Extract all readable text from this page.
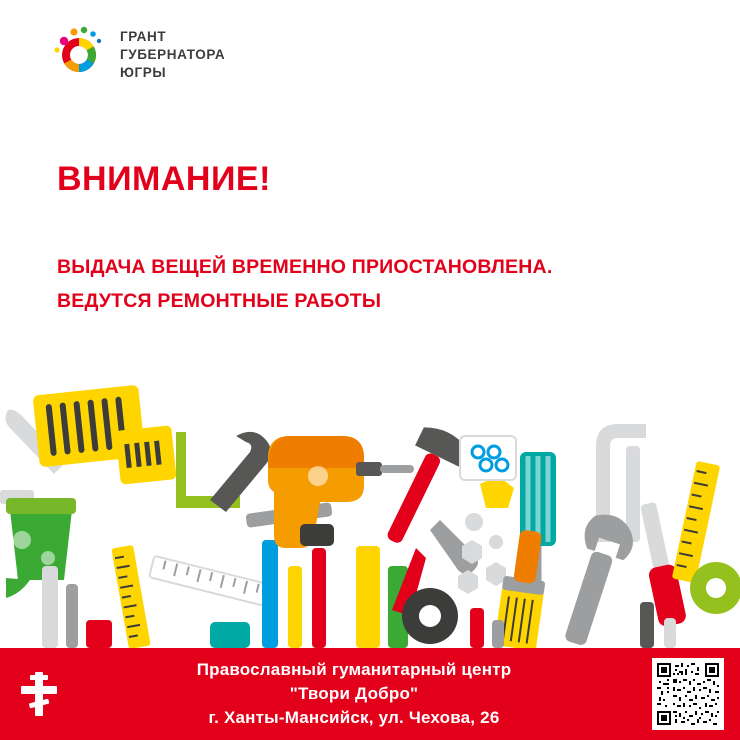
ГРАНТ
ГУБЕРНАТОРА
ЮГРЫ
ВНИМАНИЕ!
ВЫДАЧА ВЕЩЕЙ ВРЕМЕННО ПРИОСТАНОВЛЕНА.
ВЕДУТСЯ РЕМОНТНЫЕ РАБОТЫ
Православный гуманитарный центр
"Твори Добро"
г. Ханты-Мансийск, ул. Чехова, 26
